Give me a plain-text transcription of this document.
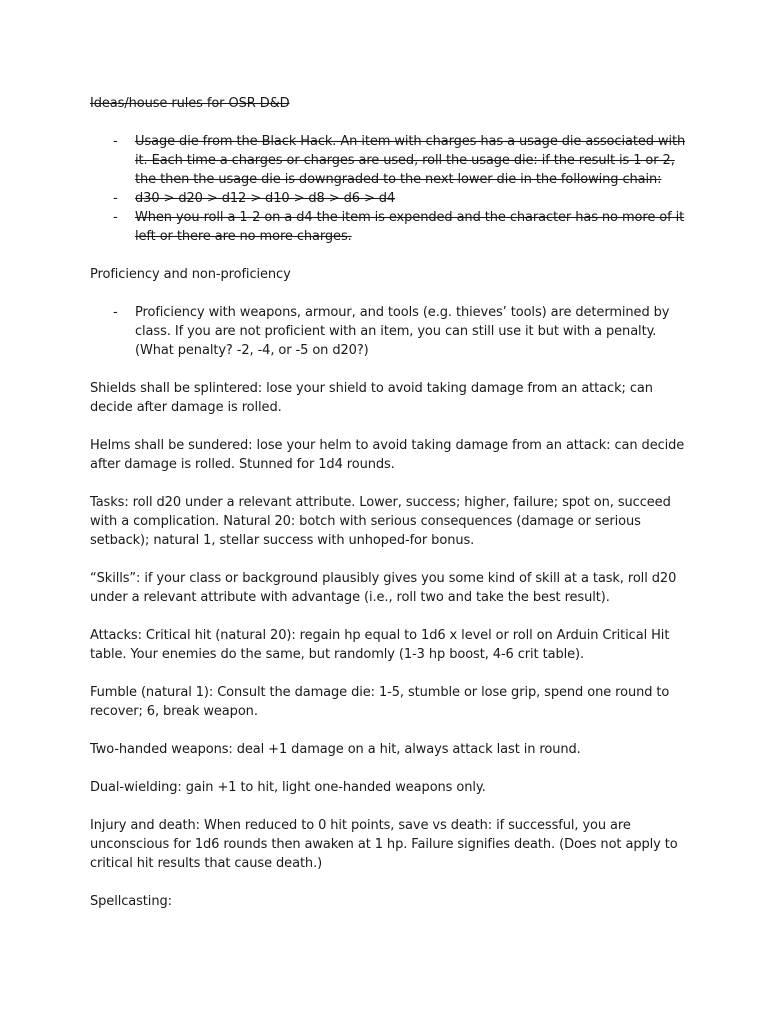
Ideas/house rules for OSR D&D

- Usage die from the Black Hack. An item with charges has a usage die associated with it. Each time a charges or charges are used, roll the usage die: if the result is 1 or 2, the then the usage die is downgraded to the next lower die in the following chain:
- d30 > d20 > d12 > d10 > d8 > d6 > d4
- When you roll a 1-2 on a d4 the item is expended and the character has no more of it left or there are no more charges.

Proficiency and non-proficiency

- Proficiency with weapons, armour, and tools (e.g. thieves’ tools) are determined by class. If you are not proficient with an item, you can still use it but with a penalty. (What penalty? -2, -4, or -5 on d20?)

Shields shall be splintered: lose your shield to avoid taking damage from an attack; can decide after damage is rolled.

Helms shall be sundered: lose your helm to avoid taking damage from an attack: can decide after damage is rolled. Stunned for 1d4 rounds.

Tasks: roll d20 under a relevant attribute. Lower, success; higher, failure; spot on, succeed with a complication. Natural 20: botch with serious consequences (damage or serious setback); natural 1, stellar success with unhoped-for bonus.

“Skills”: if your class or background plausibly gives you some kind of skill at a task, roll d20 under a relevant attribute with advantage (i.e., roll two and take the best result).

Attacks: Critical hit (natural 20): regain hp equal to 1d6 x level or roll on Arduin Critical Hit table. Your enemies do the same, but randomly (1-3 hp boost, 4-6 crit table).

Fumble (natural 1): Consult the damage die: 1-5, stumble or lose grip, spend one round to recover; 6, break weapon.

Two-handed weapons: deal +1 damage on a hit, always attack last in round.

Dual-wielding: gain +1 to hit, light one-handed weapons only.

Injury and death: When reduced to 0 hit points, save vs death: if successful, you are unconscious for 1d6 rounds then awaken at 1 hp. Failure signifies death. (Does not apply to critical hit results that cause death.)

Spellcasting:
